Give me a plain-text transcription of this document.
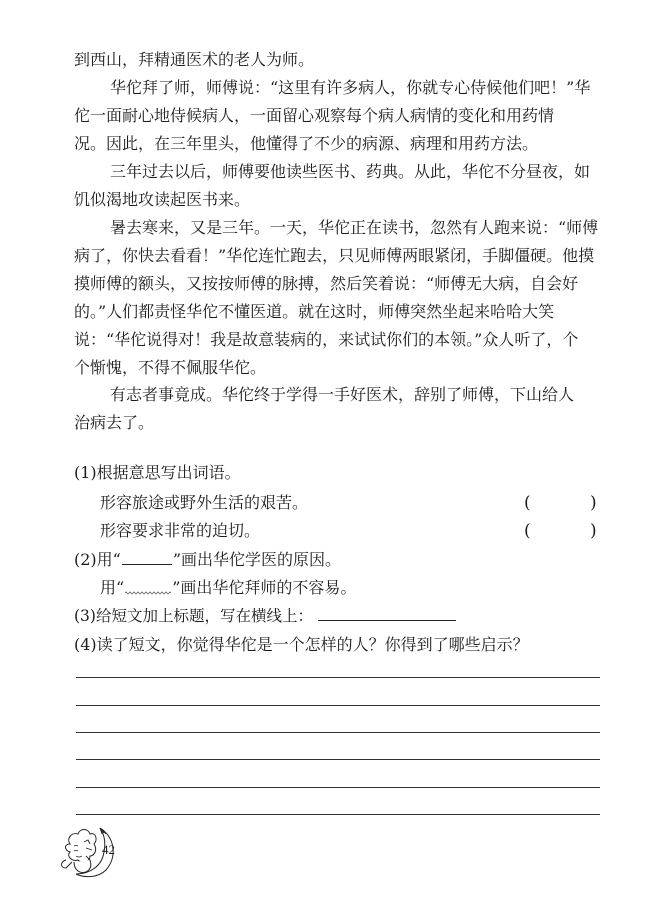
到西山，拜精通医术的老人为师。
华佗拜了师，师傅说：“这里有许多病人，你就专心侍候他们吧！”华
佗一面耐心地侍候病人，一面留心观察每个病人病情的变化和用药情
况。因此，在三年里头，他懂得了不少的病源、病理和用药方法。
三年过去以后，师傅要他读些医书、药典。从此，华佗不分昼夜，如
饥似渴地攻读起医书来。
暑去寒来，又是三年。一天，华佗正在读书，忽然有人跑来说：“师傅
病了，你快去看看！”华佗连忙跑去，只见师傅两眼紧闭，手脚僵硬。他摸
摸师傅的额头，又按按师傅的脉搏，然后笑着说：“师傅无大病，自会好
的。”人们都责怪华佗不懂医道。就在这时，师傅突然坐起来哈哈大笑
说：“华佗说得对！我是故意装病的，来试试你们的本领。”众人听了，个
个惭愧，不得不佩服华佗。
有志者事竟成。华佗终于学得一手好医术，辞别了师傅，下山给人
治病去了。
(1)根据意思写出词语。
形容旅途或野外生活的艰苦。	(	)
形容要求非常的迫切。	(	)
(2)用“	”画出华佗学医的原因。
用“	”画出华佗拜师的不容易。
(3)给短文加上标题，写在横线上：
(4)读了短文，你觉得华佗是一个怎样的人？你得到了哪些启示？
42
